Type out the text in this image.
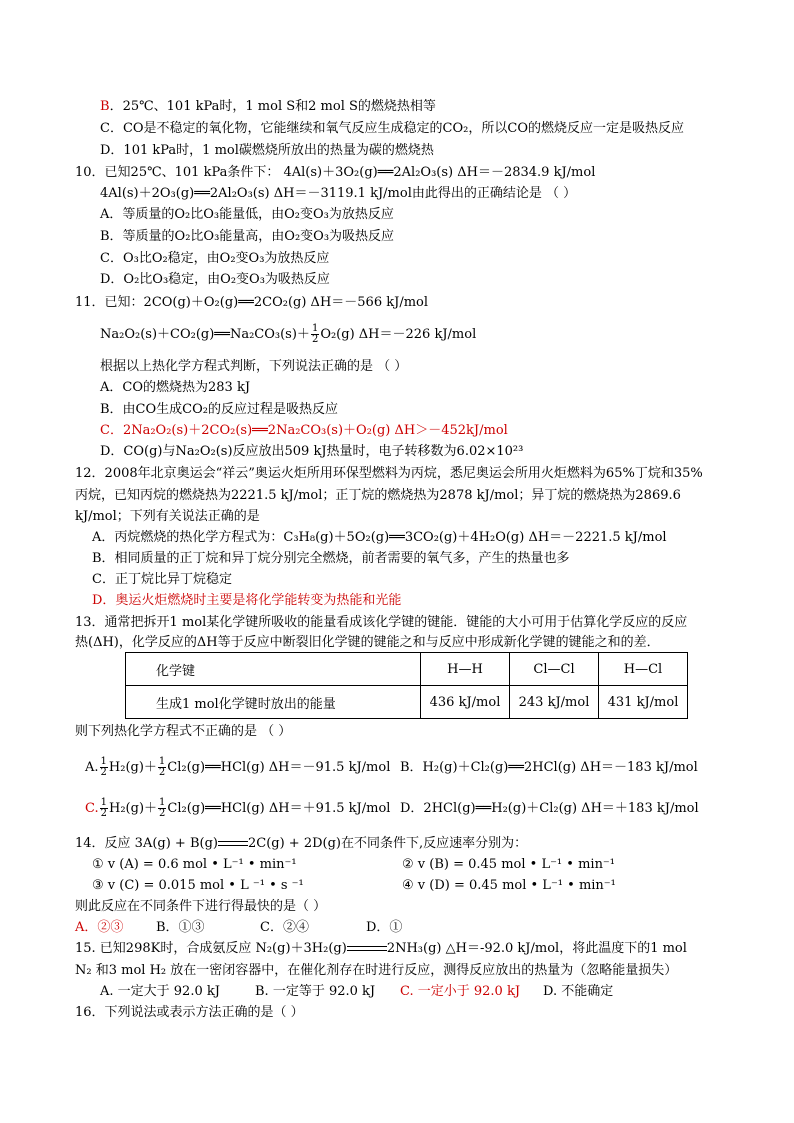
B．25℃、101 kPa时，1 mol S和2 mol S的燃烧热相等
C．CO是不稳定的氧化物，它能继续和氧气反应生成稳定的CO₂，所以CO的燃烧反应一定是吸热反应
D．101 kPa时，1 mol碳燃烧所放出的热量为碳的燃烧热
10．已知25℃、101 kPa条件下： 4Al(s)＋3O₂(g)══2Al₂O₃(s) ΔH＝－2834.9 kJ/mol
4Al(s)＋2O₃(g)══2Al₂O₃(s) ΔH＝－3119.1 kJ/mol由此得出的正确结论是 （ ）
A．等质量的O₂比O₃能量低，由O₂变O₃为放热反应
B．等质量的O₂比O₃能量高，由O₂变O₃为吸热反应
C．O₃比O₂稳定，由O₂变O₃为放热反应
D．O₂比O₃稳定，由O₂变O₃为吸热反应
11．已知：2CO(g)＋O₂(g)══2CO₂(g) ΔH＝－566 kJ/mol
Na₂O₂(s)＋CO₂(g)══Na₂CO₃(s)＋ $\frac{1}{2} O_2(g)$ ΔH＝－226 kJ/mol
根据以上热化学方程式判断，下列说法正确的是 （ ）
A．CO的燃烧热为283 kJ
B．由CO生成CO₂的反应过程是吸热反应
C．2Na₂O₂(s)＋2CO₂(s)══2Na₂CO₃(s)＋O₂(g) ΔH＞－452kJ/mol
D．CO(g)与Na₂O₂(s)反应放出509 kJ热量时，电子转移数为6.02×10²³
12．2008年北京奥运会“祥云”奥运火炬所用环保型燃料为丙烷，悉尼奥运会所用火炬燃料为65%丁烷和35%
丙烷，已知丙烷的燃烧热为2221.5 kJ/mol；正丁烷的燃烧热为2878 kJ/mol；异丁烷的燃烧热为2869.6
kJ/mol；下列有关说法正确的是
A．丙烷燃烧的热化学方程式为：C₃H₈(g)＋5O₂(g)══3CO₂(g)＋4H₂O(g) ΔH＝－2221.5 kJ/mol
B．相同质量的正丁烷和异丁烷分别完全燃烧，前者需要的氧气多，产生的热量也多
C．正丁烷比异丁烷稳定
D．奥运火炬燃烧时主要是将化学能转变为热能和光能
13．通常把拆开1 mol某化学键所吸收的能量看成该化学键的键能．键能的大小可用于估算化学反应的反应
热(ΔH)，化学反应的ΔH等于反应中断裂旧化学键的键能之和与反应中形成新化学键的键能之和的差．
化学键	H—H	Cl—Cl	H—Cl
生成1 mol化学键时放出的能量	436 kJ/mol	243 kJ/mol	431 kJ/mol
则下列热化学方程式不正确的是 （ ）
A. $\frac{1}{2} H_2(g)+ \frac{1}{2}$ Cl₂(g)══HCl(g) ΔH＝－91.5 kJ/mol B．H₂(g)＋Cl₂(g)══2HCl(g) ΔH＝－183 kJ/mol
C. $\frac{1}{2} H_2(g)+ \frac{1}{2}$ Cl₂(g)══HCl(g) ΔH＝＋91.5 kJ/mol D．2HCl(g)══H₂(g)＋Cl₂(g) ΔH＝＋183 kJ/mol
14．反应 3A(g) + B(g) 2C(g) + 2D(g)在不同条件下,反应速率分别为：
① v (A) = 0.6 mol • L⁻¹ • min⁻¹	② v (B) = 0.45 mol • L⁻¹ • min⁻¹
③ v (C) = 0.015 mol • L ⁻¹ • s ⁻¹	④ v (D) = 0.45 mol • L⁻¹ • min⁻¹
则此反应在不同条件下进行得最快的是（ ）
A．②③	B．①③	C．②④	D．①
15. 已知298K时，合成氨反应 N₂(g)＋3H₂(g)	2NH₃(g) △H＝-92.0 kJ/mol，将此温度下的1 mol
N₂ 和3 mol H₂ 放在一密闭容器中，在催化剂存在时进行反应，测得反应放出的热量为（忽略能量损失）
A. 一定大于 92.0 kJ	B. 一定等于 92.0 kJ C. 一定小于 92.0 kJ D. 不能确定
16．下列说法或表示方法正确的是（ ）
